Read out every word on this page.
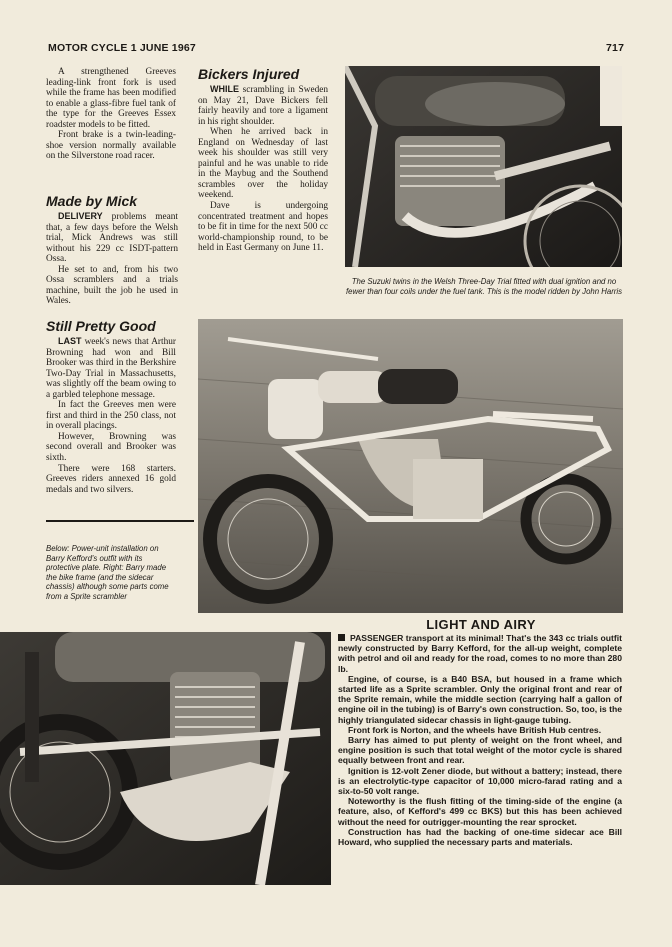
MOTOR CYCLE 1 JUNE 1967	717

A strengthened Greeves leading-link front fork is used while the frame has been modified to enable a glass-fibre fuel tank of the type for the Greeves Essex roadster models to be fitted.

Front brake is a twin-leading-shoe version normally available on the Silverstone road racer.

Made by Mick

DELIVERY problems meant that, a few days before the Welsh trial, Mick Andrews was still without his 229 cc ISDT-pattern Ossa.

He set to and, from his two Ossa scramblers and a trials machine, built the job he used in Wales.

Still Pretty Good

LAST week's news that Arthur Browning had won and Bill Brooker was third in the Berkshire Two-Day Trial in Massachusetts, was slightly off the beam owing to a garbled telephone message.

In fact the Greeves men were first and third in the 250 class, not in overall placings.

However, Browning was second overall and Brooker was sixth.

There were 168 starters. Greeves riders annexed 16 gold medals and two silvers.

Below: Power-unit installation on Barry Kefford's outfit with its protective plate. Right: Barry made the bike frame (and the sidecar chassis) although some parts come from a Sprite scrambler
Bickers Injured

WHILE scrambling in Sweden on May 21, Dave Bickers fell fairly heavily and tore a ligament in his right shoulder.

When he arrived back in England on Wednesday of last week his shoulder was still very painful and he was unable to ride in the Maybug and the Southend scrambles over the holiday weekend.

Dave is undergoing concentrated treatment and hopes to be fit in time for the next 500 cc world-championship round, to be held in East Germany on June 11.

The Suzuki twins in the Welsh Three-Day Trial fitted with dual ignition and no fewer than four coils under the fuel tank. This is the model ridden by John Harris
LIGHT AND AIRY

PASSENGER transport at its minimal! That's the 343 cc trials outfit newly constructed by Barry Kefford, for the all-up weight, complete with petrol and oil and ready for the road, comes to no more than 280 lb.

Engine, of course, is a B40 BSA, but housed in a frame which started life as a Sprite scrambler. Only the original front and rear of the Sprite remain, while the middle section (carrying half a gallon of engine oil in the tubing) is of Barry's own construction. So, too, is the highly triangulated sidecar chassis in light-gauge tubing.

Front fork is Norton, and the wheels have British Hub centres.

Barry has aimed to put plenty of weight on the front wheel, and engine position is such that total weight of the motor cycle is shared equally between front and rear.

Ignition is 12-volt Zener diode, but without a battery; instead, there is an electrolytic-type capacitor of 10,000 micro-farad rating and a six-to-50 volt range.

Noteworthy is the flush fitting of the timing-side of the engine (a feature, also, of Kefford's 499 cc BKS) but this has been achieved without the need for outrigger-mounting the rear sprocket.

Construction has had the backing of one-time sidecar ace Bill Howard, who supplied the necessary parts and materials.
